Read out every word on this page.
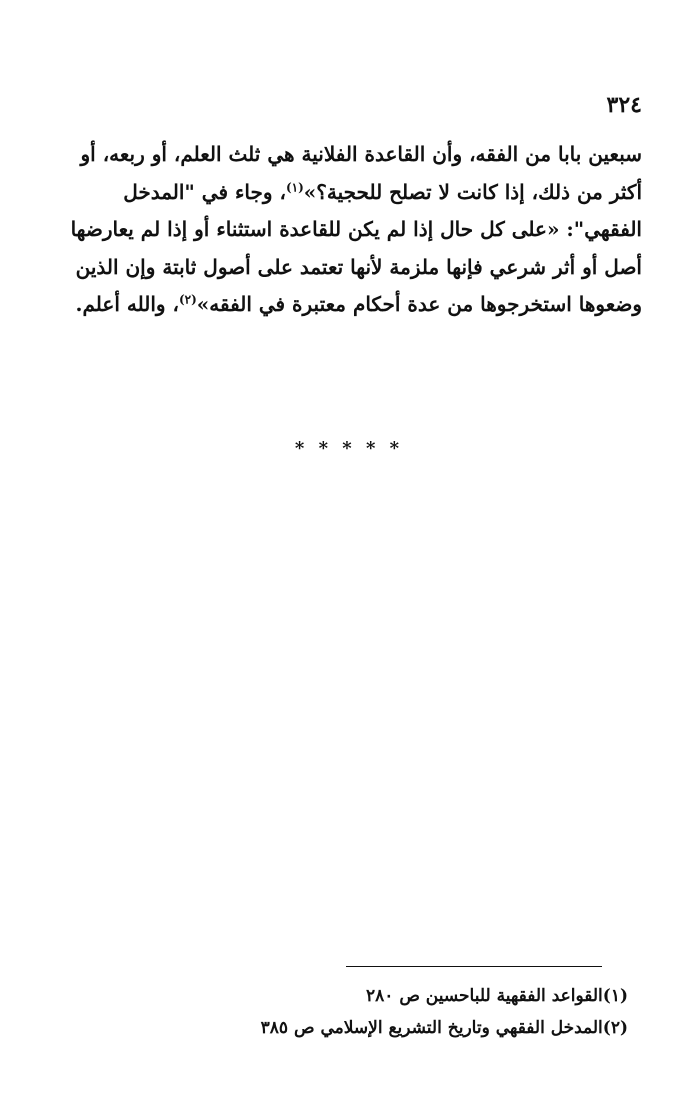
٣٢٤
سبعين بابا من الفقه، وأن القاعدة الفلانية هي ثلث العلم، أو ربعه، أو
أكثر من ذلك، إذا كانت لا تصلح للحجية؟»$^{(١)}$، وجاء في "المدخل
الفقهي": «على كل حال إذا لم يكن للقاعدة استثناء أو إذا لم يعارضها
أصل أو أثر شرعي فإنها ملزمة لأنها تعتمد على أصول ثابتة وإن الذين
وضعوها استخرجوها من عدة أحكام معتبرة في الفقه»$^{(٢)}$، والله أعلم.
* * * * *
(١)القواعد الفقهية للباحسين ص ٢٨٠
(٢)المدخل الفقهي وتاريخ التشريع الإسلامي ص ٣٨٥
